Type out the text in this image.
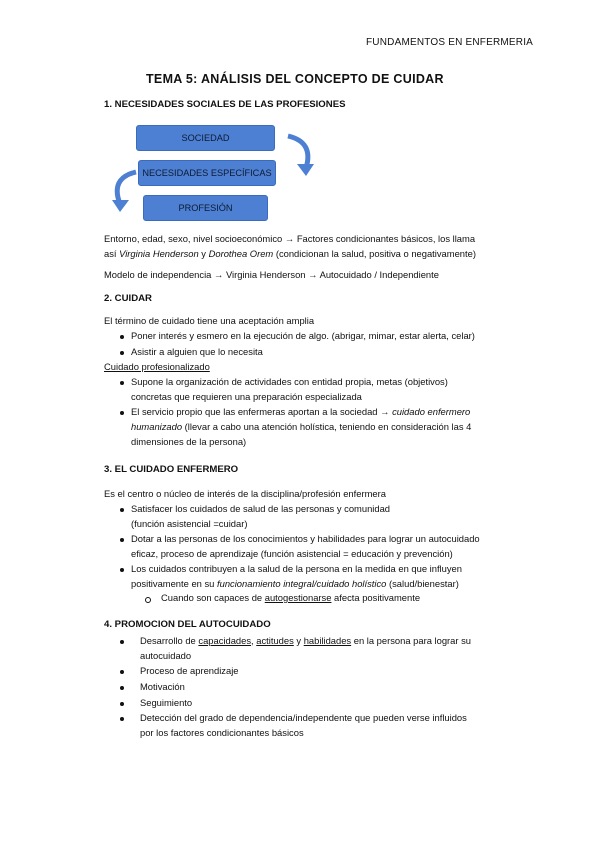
FUNDAMENTOS EN ENFERMERIA
TEMA 5: ANÁLISIS DEL CONCEPTO DE CUIDAR
1. NECESIDADES SOCIALES DE LAS PROFESIONES
SOCIEDAD
NECESIDADES ESPECÍFICAS
PROFESIÓN
Entorno, edad, sexo, nivel socioeconómico → Factores condicionantes básicos, los llama
así Virginia Henderson y Dorothea Orem (condicionan la salud, positiva o negativamente)
Modelo de independencia → Virginia Henderson → Autocuidado / Independiente
2. CUIDAR
El término de cuidado tiene una aceptación amplia
Poner interés y esmero en la ejecución de algo. (abrigar, mimar, estar alerta, celar)
Asistir a alguien que lo necesita
Cuidado profesionalizado
Supone la organización de actividades con entidad propia, metas (objetivos)
concretas que requieren una preparación especializada
El servicio propio que las enfermeras aportan a la sociedad → cuidado enfermero
humanizado (llevar a cabo una atención holística, teniendo en consideración las 4
dimensiones de la persona)
3. EL CUIDADO ENFERMERO
Es el centro o núcleo de interés de la disciplina/profesión enfermera
Satisfacer los cuidados de salud de las personas y comunidad
(función asistencial =cuidar)
Dotar a las personas de los conocimientos y habilidades para lograr un autocuidado
eficaz, proceso de aprendizaje (función asistencial = educación y prevención)
Los cuidados contribuyen a la salud de la persona en la medida en que influyen
positivamente en su funcionamiento integral/cuidado holístico (salud/bienestar)
Cuando son capaces de autogestionarse afecta positivamente
4. PROMOCION DEL AUTOCUIDADO
Desarrollo de capacidades, actitudes y habilidades en la persona para lograr su
autocuidado
Proceso de aprendizaje
Motivación
Seguimiento
Detección del grado de dependencia/independente que pueden verse influidos
por los factores condicionantes básicos
